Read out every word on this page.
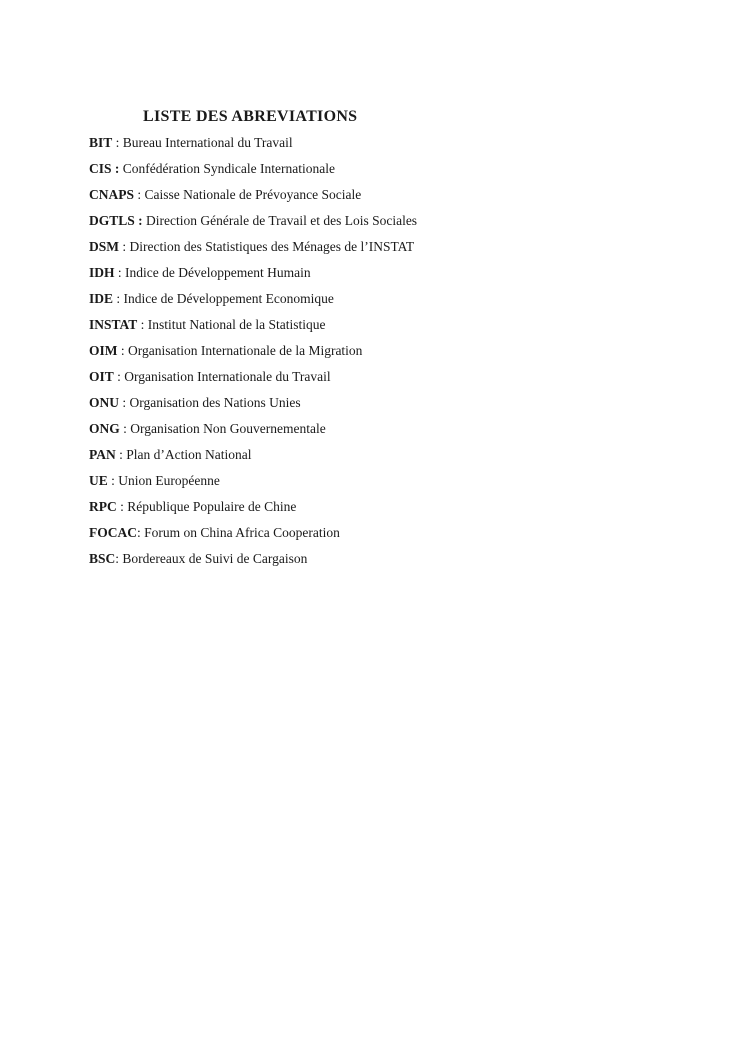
LISTE DES ABREVIATIONS
BIT : Bureau International du Travail
CIS : Confédération Syndicale Internationale
CNAPS : Caisse Nationale de Prévoyance Sociale
DGTLS : Direction Générale de Travail et des Lois Sociales
DSM : Direction des Statistiques des Ménages de l’INSTAT
IDH : Indice de Développement Humain
IDE : Indice de Développement Economique
INSTAT : Institut National de la Statistique
OIM : Organisation Internationale de la Migration
OIT : Organisation Internationale du Travail
ONU : Organisation des Nations Unies
ONG : Organisation Non Gouvernementale
PAN : Plan d’Action National
UE : Union Européenne
RPC : République Populaire de Chine
FOCAC: Forum on China Africa Cooperation
BSC: Bordereaux de Suivi de Cargaison
